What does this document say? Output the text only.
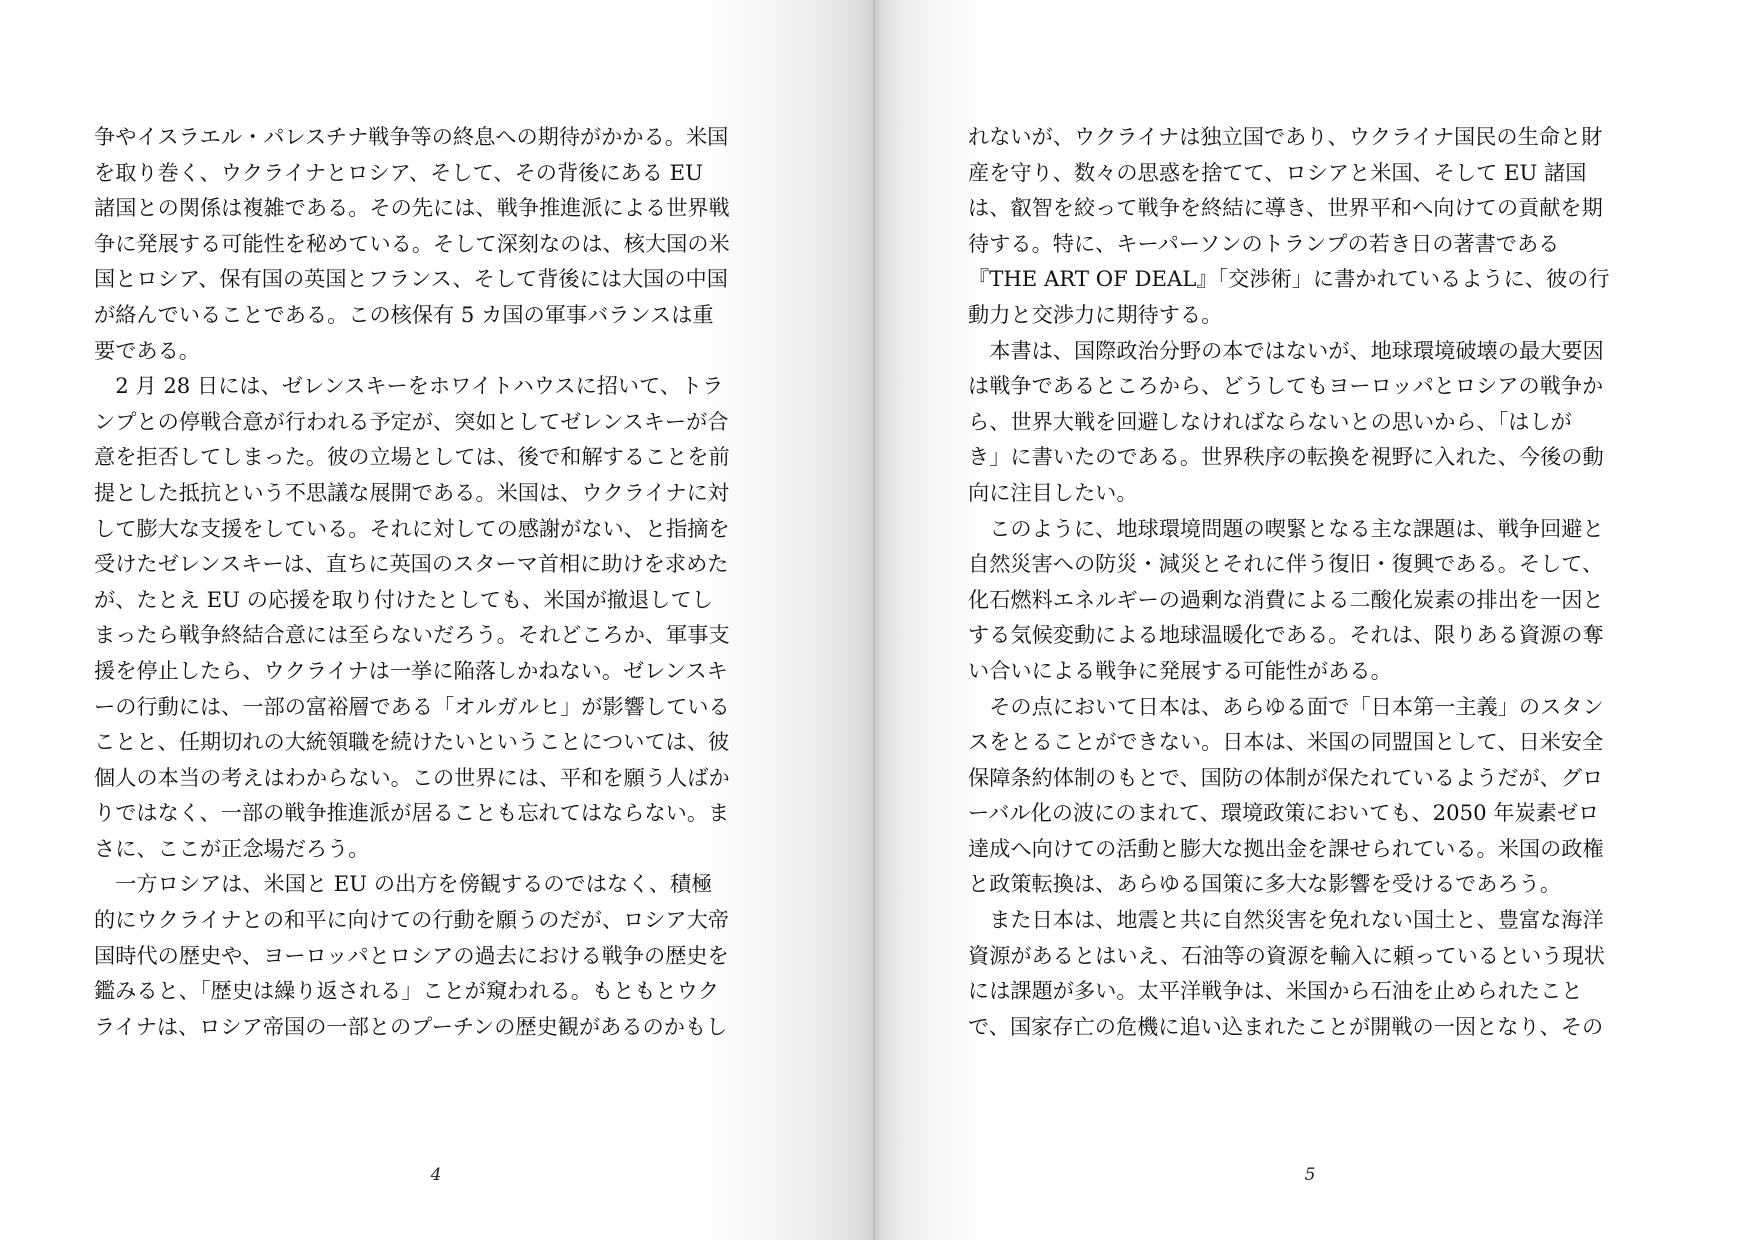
争やイスラエル・パレスチナ戦争等の終息への期待がかかる。米国
を取り巻く、ウクライナとロシア、そして、その背後にある EU
諸国との関係は複雑である。その先には、戦争推進派による世界戦
争に発展する可能性を秘めている。そして深刻なのは、核大国の米
国とロシア、保有国の英国とフランス、そして背後には大国の中国
が絡んでいることである。この核保有 5 カ国の軍事バランスは重
要である。
　2 月 28 日には、ゼレンスキーをホワイトハウスに招いて、トラ
ンプとの停戦合意が行われる予定が、突如としてゼレンスキーが合
意を拒否してしまった。彼の立場としては、後で和解することを前
提とした抵抗という不思議な展開である。米国は、ウクライナに対
して膨大な支援をしている。それに対しての感謝がない、と指摘を
受けたゼレンスキーは、直ちに英国のスターマ首相に助けを求めた
が、たとえ EU の応援を取り付けたとしても、米国が撤退してし
まったら戦争終結合意には至らないだろう。それどころか、軍事支
援を停止したら、ウクライナは一挙に陥落しかねない。ゼレンスキ
ーの行動には、一部の富裕層である「オルガルヒ」が影響している
ことと、任期切れの大統領職を続けたいということについては、彼
個人の本当の考えはわからない。この世界には、平和を願う人ばか
りではなく、一部の戦争推進派が居ることも忘れてはならない。ま
さに、ここが正念場だろう。
　一方ロシアは、米国と EU の出方を傍観するのではなく、積極
的にウクライナとの和平に向けての行動を願うのだが、ロシア大帝
国時代の歴史や、ヨーロッパとロシアの過去における戦争の歴史を
鑑みると、「歴史は繰り返される」ことが窺われる。もともとウク
ライナは、ロシア帝国の一部とのプーチンの歴史観があるのかもし
4
れないが、ウクライナは独立国であり、ウクライナ国民の生命と財
産を守り、数々の思惑を捨てて、ロシアと米国、そして EU 諸国
は、叡智を絞って戦争を終結に導き、世界平和へ向けての貢献を期
待する。特に、キーパーソンのトランプの若き日の著書である
『THE ART OF DEAL』「交渉術」に書かれているように、彼の行
動力と交渉力に期待する。
　本書は、国際政治分野の本ではないが、地球環境破壊の最大要因
は戦争であるところから、どうしてもヨーロッパとロシアの戦争か
ら、世界大戦を回避しなければならないとの思いから、「はしが
き」に書いたのである。世界秩序の転換を視野に入れた、今後の動
向に注目したい。
　このように、地球環境問題の喫緊となる主な課題は、戦争回避と
自然災害への防災・減災とそれに伴う復旧・復興である。そして、
化石燃料エネルギーの過剰な消費による二酸化炭素の排出を一因と
する気候変動による地球温暖化である。それは、限りある資源の奪
い合いによる戦争に発展する可能性がある。
　その点において日本は、あらゆる面で「日本第一主義」のスタン
スをとることができない。日本は、米国の同盟国として、日米安全
保障条約体制のもとで、国防の体制が保たれているようだが、グロ
ーバル化の波にのまれて、環境政策においても、2050 年炭素ゼロ
達成へ向けての活動と膨大な拠出金を課せられている。米国の政権
と政策転換は、あらゆる国策に多大な影響を受けるであろう。
　また日本は、地震と共に自然災害を免れない国土と、豊富な海洋
資源があるとはいえ、石油等の資源を輸入に頼っているという現状
には課題が多い。太平洋戦争は、米国から石油を止められたこと
で、国家存亡の危機に追い込まれたことが開戦の一因となり、その
5
